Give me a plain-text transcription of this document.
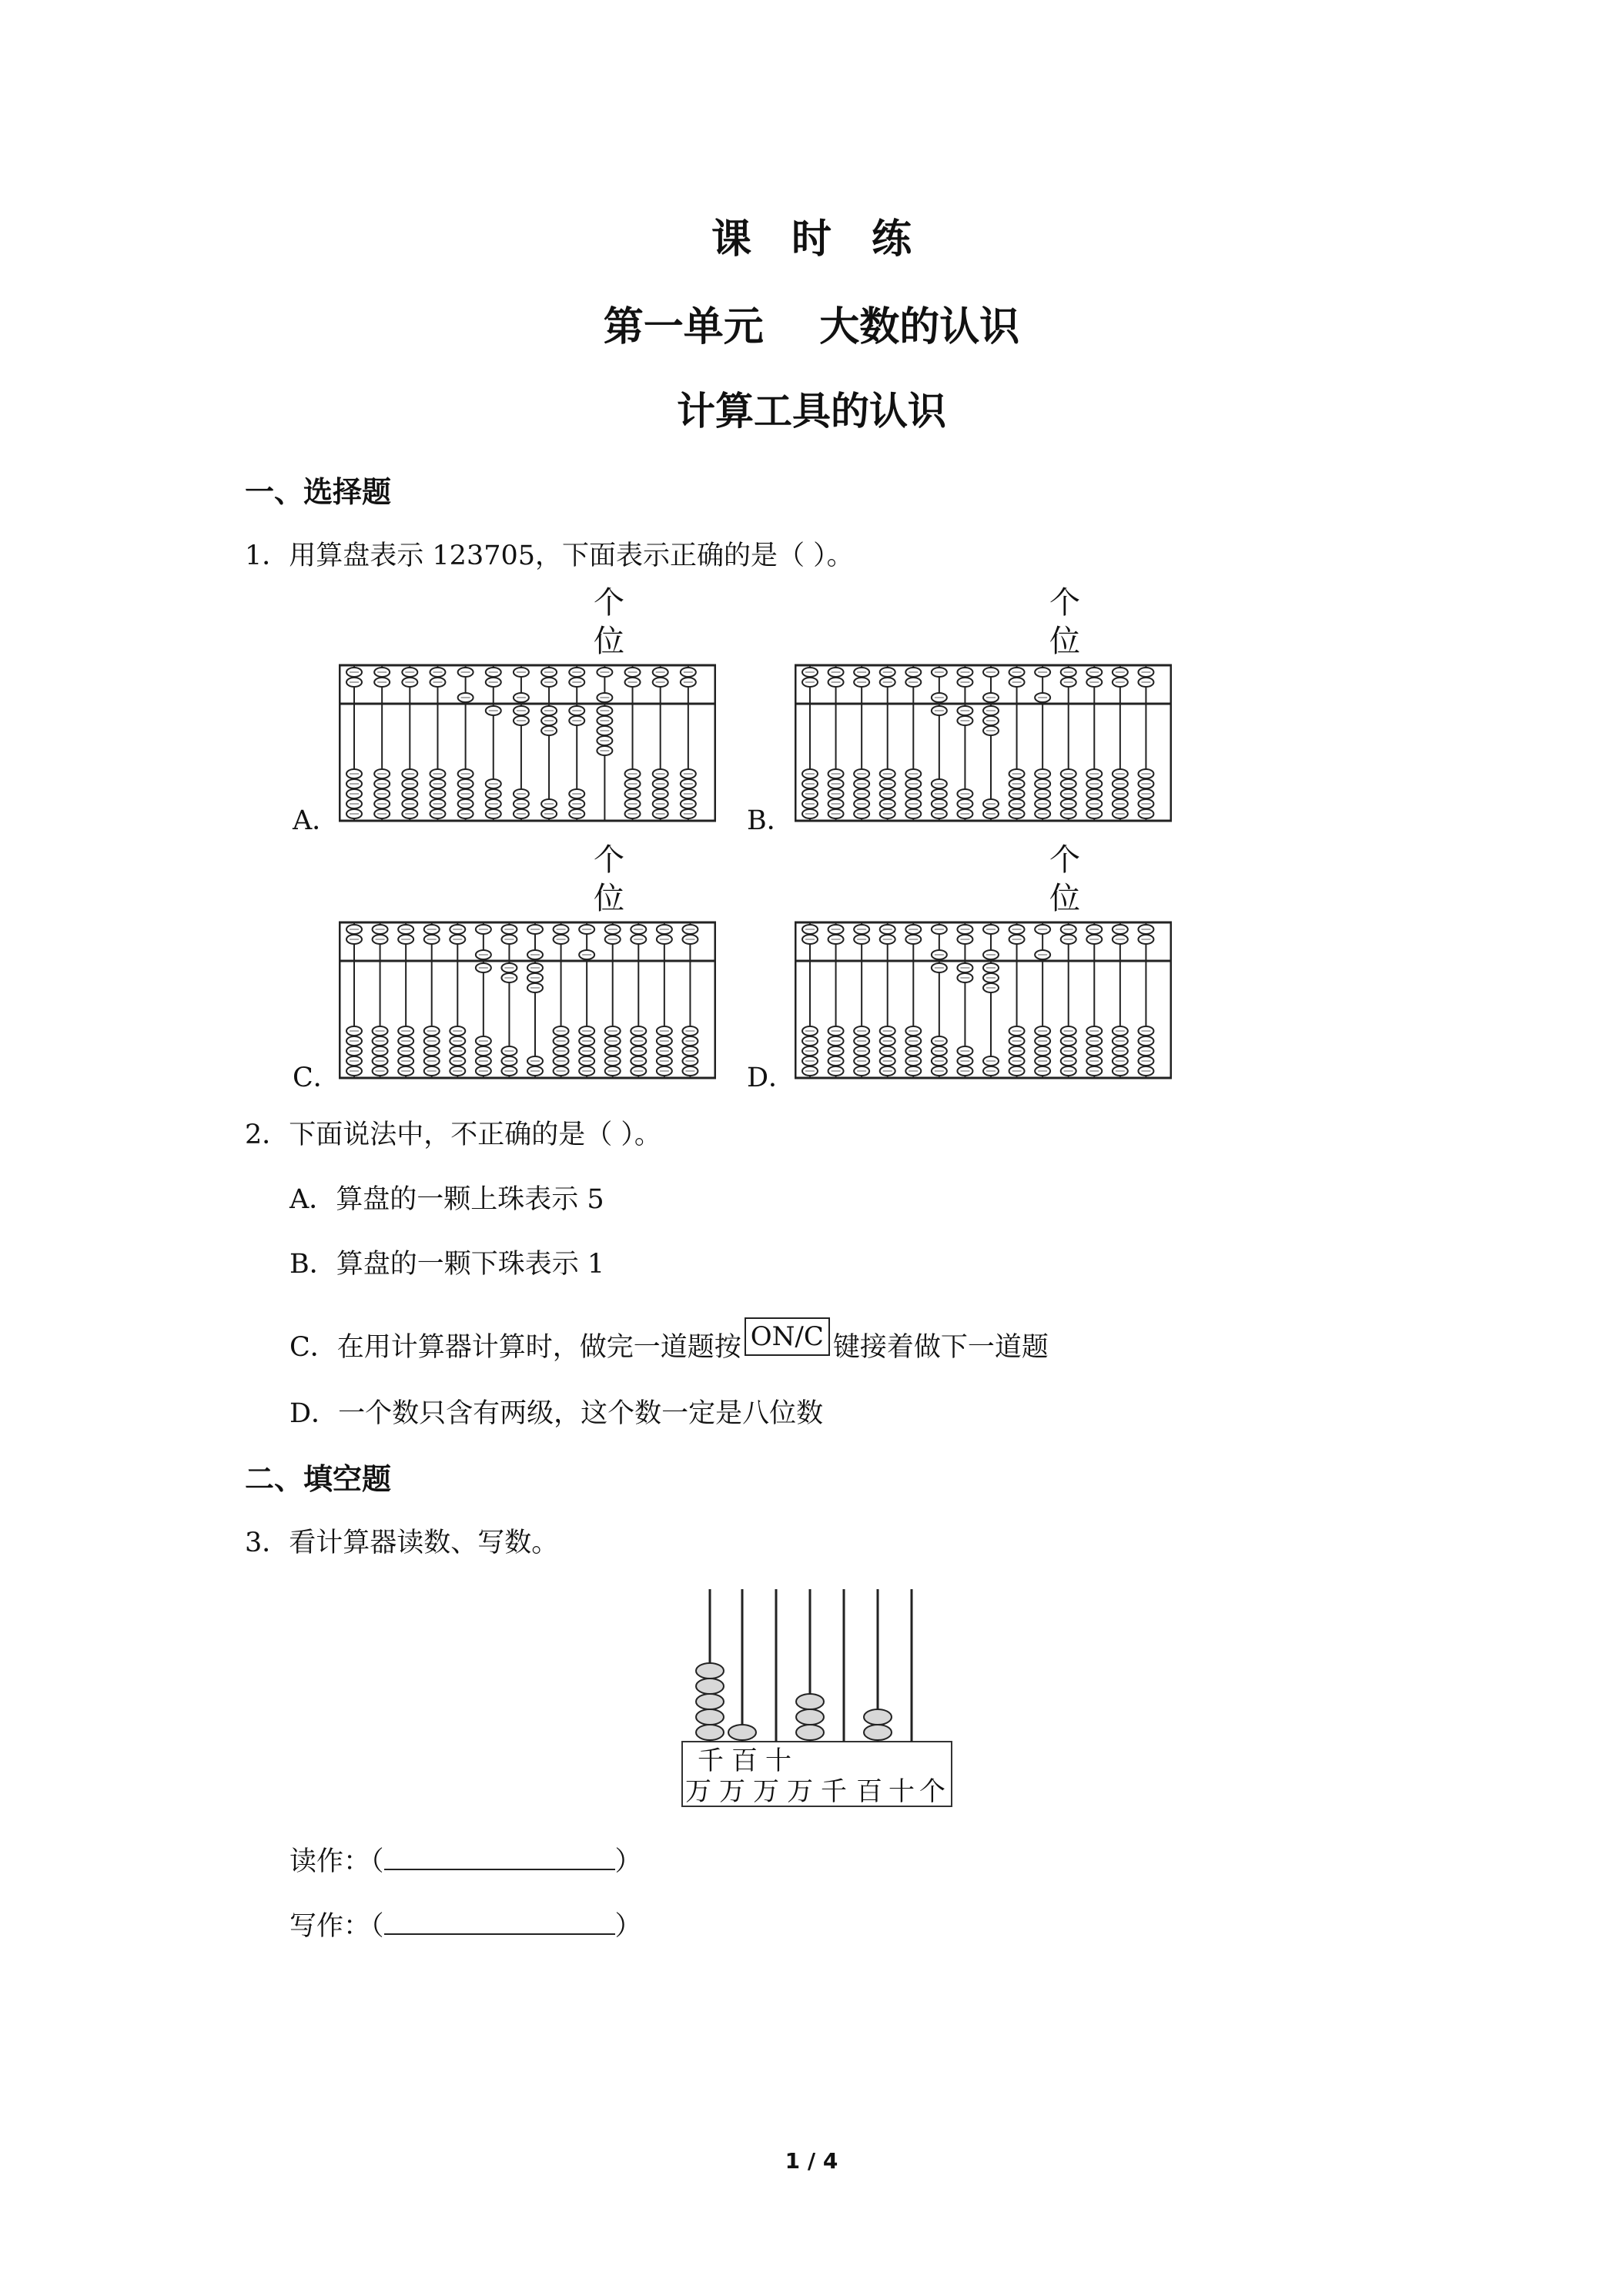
课时练
第一单元    大数的认识
计算工具的认识
一、选择题
1．用算盘表示 123705，下面表示正确的是（ ）。
个
位
个
位
个
位
个
位
A．	B．
C．	D．
2．下面说法中，不正确的是（ ）。
A．算盘的一颗上珠表示 5
B．算盘的一颗下珠表示 1
C．在用计算器计算时，做完一道题按 ON/C 键接着做下一道题
D．一个数只含有两级，这个数一定是八位数
二、填空题
3．看计算器读数、写数。
千 百 十
万 万 万 万 千 百 十 个
读作：（	）
写作：（	）
1 / 4
